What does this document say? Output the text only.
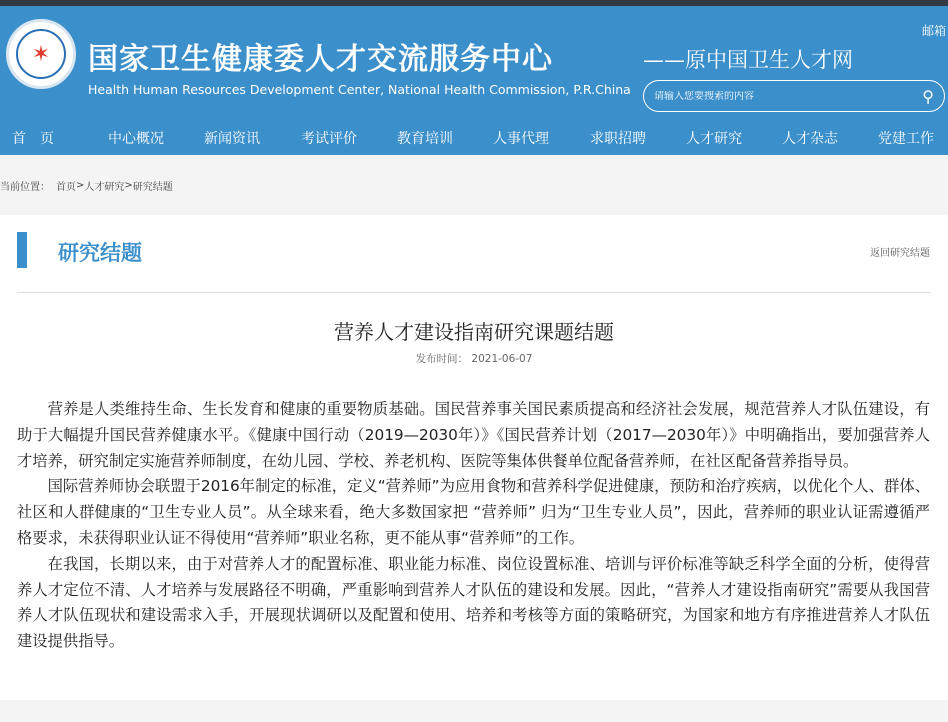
✶	国家卫生健康委人才交流服务中心
Health Human Resources Development Center, National Health Commission, P.R.China
——原中国卫生人才网
邮箱
请输入您要搜索的内容
⚲
首　页	中心概况	新闻资讯	考试评价	教育培训	人事代理	求职招聘	人才研究	人才杂志	党建工作
当前位置： 首页 > 人才研究 > 研究结题
研究结题	返回研究结题
营养人才建设指南研究课题结题
发布时间： 2021-06-07

营养是人类维持生命、生长发育和健康的重要物质基础。国民营养事关国民素质提高和经济社会发展，规范营养人才队伍建设，有助于大幅提升国民营养健康水平。《健康中国行动（2019—2030年）》《国民营养计划（2017—2030年）》中明确指出，要加强营养人才培养，研究制定实施营养师制度，在幼儿园、学校、养老机构、医院等集体供餐单位配备营养师，在社区配备营养指导员。

国际营养师协会联盟于2016年制定的标准，定义“营养师”为应用食物和营养科学促进健康，预防和治疗疾病，以优化个人、群体、社区和人群健康的“卫生专业人员”。从全球来看，绝大多数国家把 “营养师” 归为“卫生专业人员”，因此，营养师的职业认证需遵循严格要求，未获得职业认证不得使用“营养师”职业名称，更不能从事“营养师”的工作。

在我国，长期以来，由于对营养人才的配置标准、职业能力标准、岗位设置标准、培训与评价标准等缺乏科学全面的分析，使得营养人才定位不清、人才培养与发展路径不明确，严重影响到营养人才队伍的建设和发展。因此，“营养人才建设指南研究”需要从我国营养人才队伍现状和建设需求入手，开展现状调研以及配置和使用、培养和考核等方面的策略研究，为国家和地方有序推进营养人才队伍建设提供指导。
